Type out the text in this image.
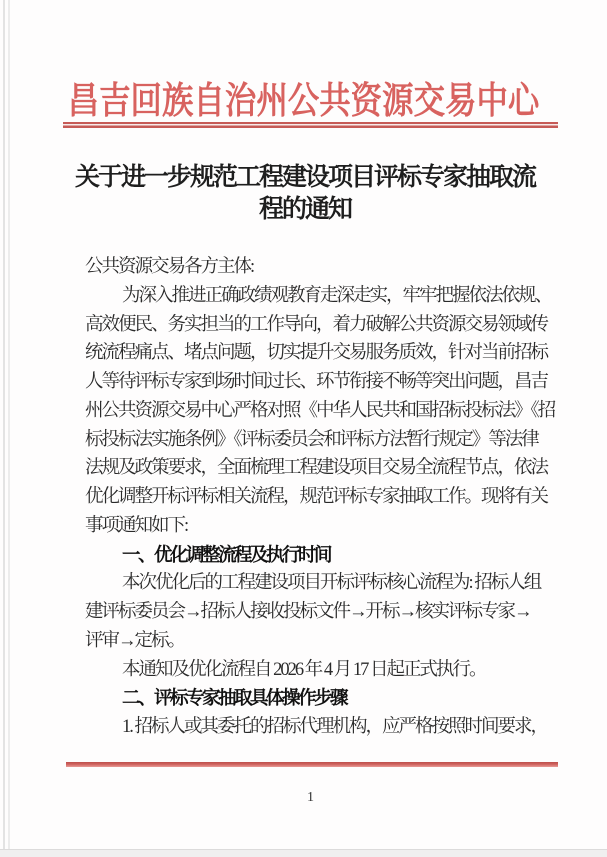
昌吉回族自治州公共资源交易中心
关于进一步规范工程建设项目评标专家抽取流程的通知
公共资源交易各方主体:
为深入推进正确政绩观教育走深走实，牢牢把握依法依规、
高效便民、务实担当的工作导向，着力破解公共资源交易领域传
统流程痛点、堵点问题，切实提升交易服务质效，针对当前招标
人等待评标专家到场时间过长、环节衔接不畅等突出问题，昌吉
州公共资源交易中心严格对照《中华人民共和国招标投标法》《招
标投标法实施条例》《评标委员会和评标方法暂行规定》等法律
法规及政策要求，全面梳理工程建设项目交易全流程节点，依法
优化调整开标评标相关流程，规范评标专家抽取工作。现将有关
事项通知如下:
一、优化调整流程及执行时间
本次优化后的工程建设项目开标评标核心流程为: 招标人组
建评标委员会→招标人接收投标文件→开标→核实评标专家→
评审→定标。
本通知及优化流程自 2026 年 4 月 17 日起正式执行。
二、评标专家抽取具体操作步骤
1. 招标人或其委托的招标代理机构，应严格按照时间要求，
1
